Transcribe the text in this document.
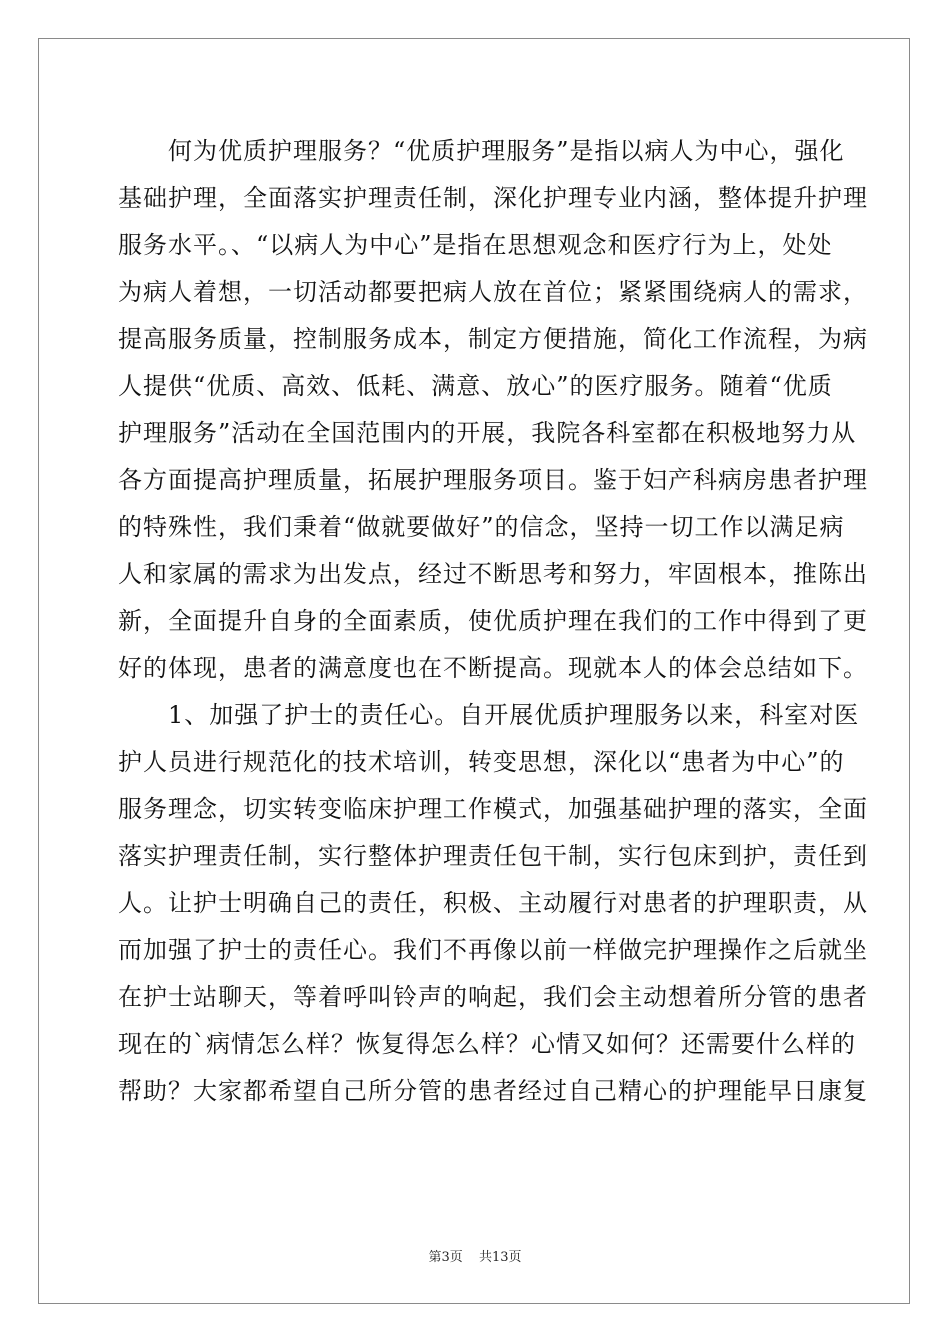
　　何为优质护理服务？“优质护理服务”是指以病人为中心，强化
基础护理，全面落实护理责任制，深化护理专业内涵，整体提升护理
服务水平。、“以病人为中心”是指在思想观念和医疗行为上，处处
为病人着想，一切活动都要把病人放在首位；紧紧围绕病人的需求，
提高服务质量，控制服务成本，制定方便措施，简化工作流程，为病
人提供“优质、高效、低耗、满意、放心”的医疗服务。随着“优质
护理服务”活动在全国范围内的开展，我院各科室都在积极地努力从
各方面提高护理质量，拓展护理服务项目。鉴于妇产科病房患者护理
的特殊性，我们秉着“做就要做好”的信念，坚持一切工作以满足病
人和家属的需求为出发点，经过不断思考和努力，牢固根本，推陈出
新，全面提升自身的全面素质，使优质护理在我们的工作中得到了更
好的体现，患者的满意度也在不断提高。现就本人的体会总结如下。
　　1、加强了护士的责任心。自开展优质护理服务以来，科室对医
护人员进行规范化的技术培训，转变思想，深化以“患者为中心”的
服务理念，切实转变临床护理工作模式，加强基础护理的落实，全面
落实护理责任制，实行整体护理责任包干制，实行包床到护，责任到
人。让护士明确自己的责任，积极、主动履行对患者的护理职责，从
而加强了护士的责任心。我们不再像以前一样做完护理操作之后就坐
在护士站聊天，等着呼叫铃声的响起，我们会主动想着所分管的患者
现在的`病情怎么样？恢复得怎么样？心情又如何？还需要什么样的
帮助？大家都希望自己所分管的患者经过自己精心的护理能早日康复
第3页 共13页
